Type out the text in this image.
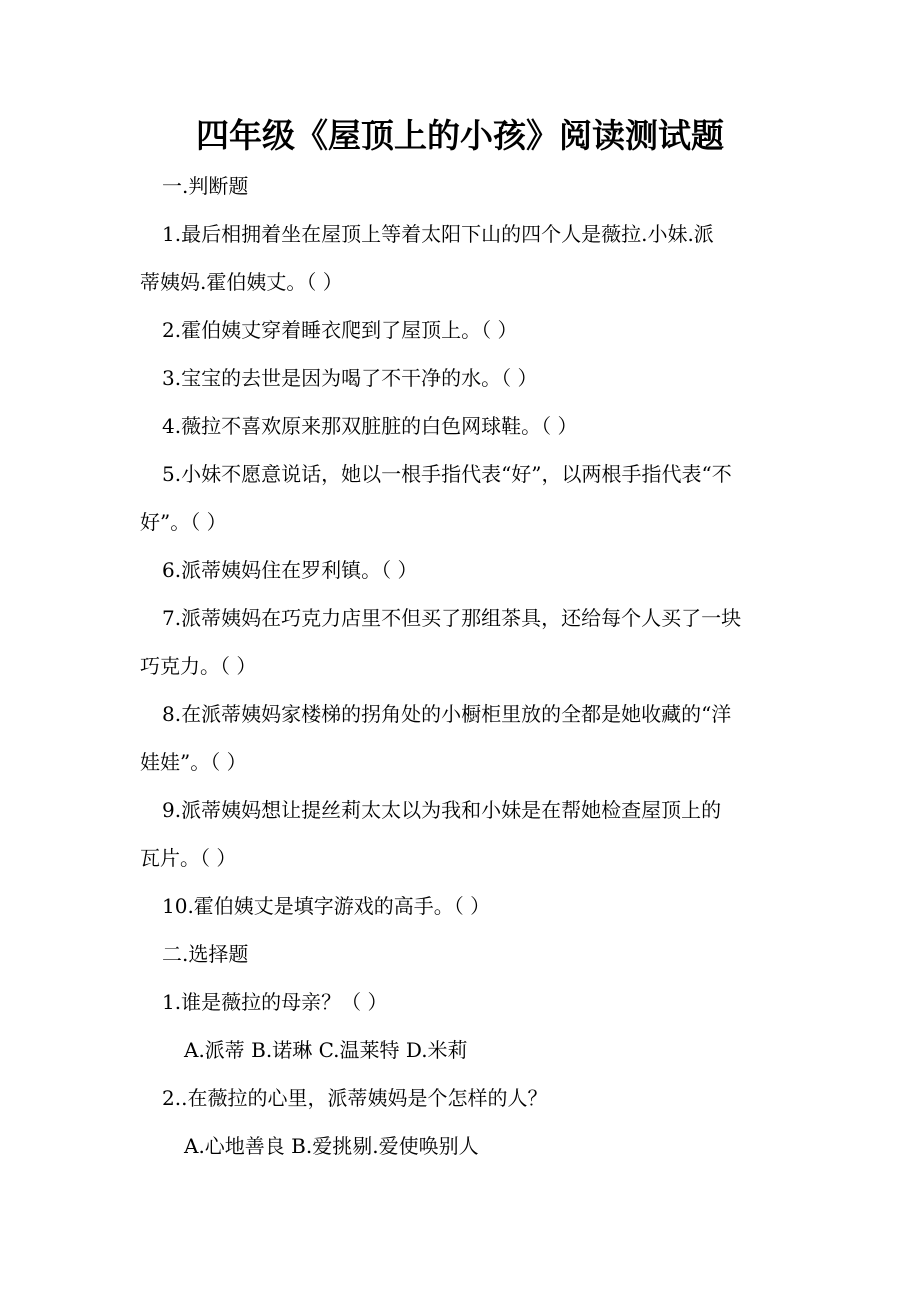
四年级《屋顶上的小孩》阅读测试题
一.判断题
1.最后相拥着坐在屋顶上等着太阳下山的四个人是薇拉.小妹.派
蒂姨妈.霍伯姨丈。（ ）
2.霍伯姨丈穿着睡衣爬到了屋顶上。（ ）
3.宝宝的去世是因为喝了不干净的水。（ ）
4.薇拉不喜欢原来那双脏脏的白色网球鞋。（ ）
5.小妹不愿意说话，她以一根手指代表“好”，以两根手指代表“不
好”。（ ）
6.派蒂姨妈住在罗利镇。（ ）
7.派蒂姨妈在巧克力店里不但买了那组茶具，还给每个人买了一块
巧克力。（ ）
8.在派蒂姨妈家楼梯的拐角处的小橱柜里放的全都是她收藏的“洋
娃娃”。（ ）
9.派蒂姨妈想让提丝莉太太以为我和小妹是在帮她检查屋顶上的
瓦片。（ ）
10.霍伯姨丈是填字游戏的高手。（ ）
二.选择题
1.谁是薇拉的母亲？（ ）
A.派蒂 B.诺琳 C.温莱特 D.米莉
2..在薇拉的心里，派蒂姨妈是个怎样的人？
A.心地善良 B.爱挑剔.爱使唤别人
